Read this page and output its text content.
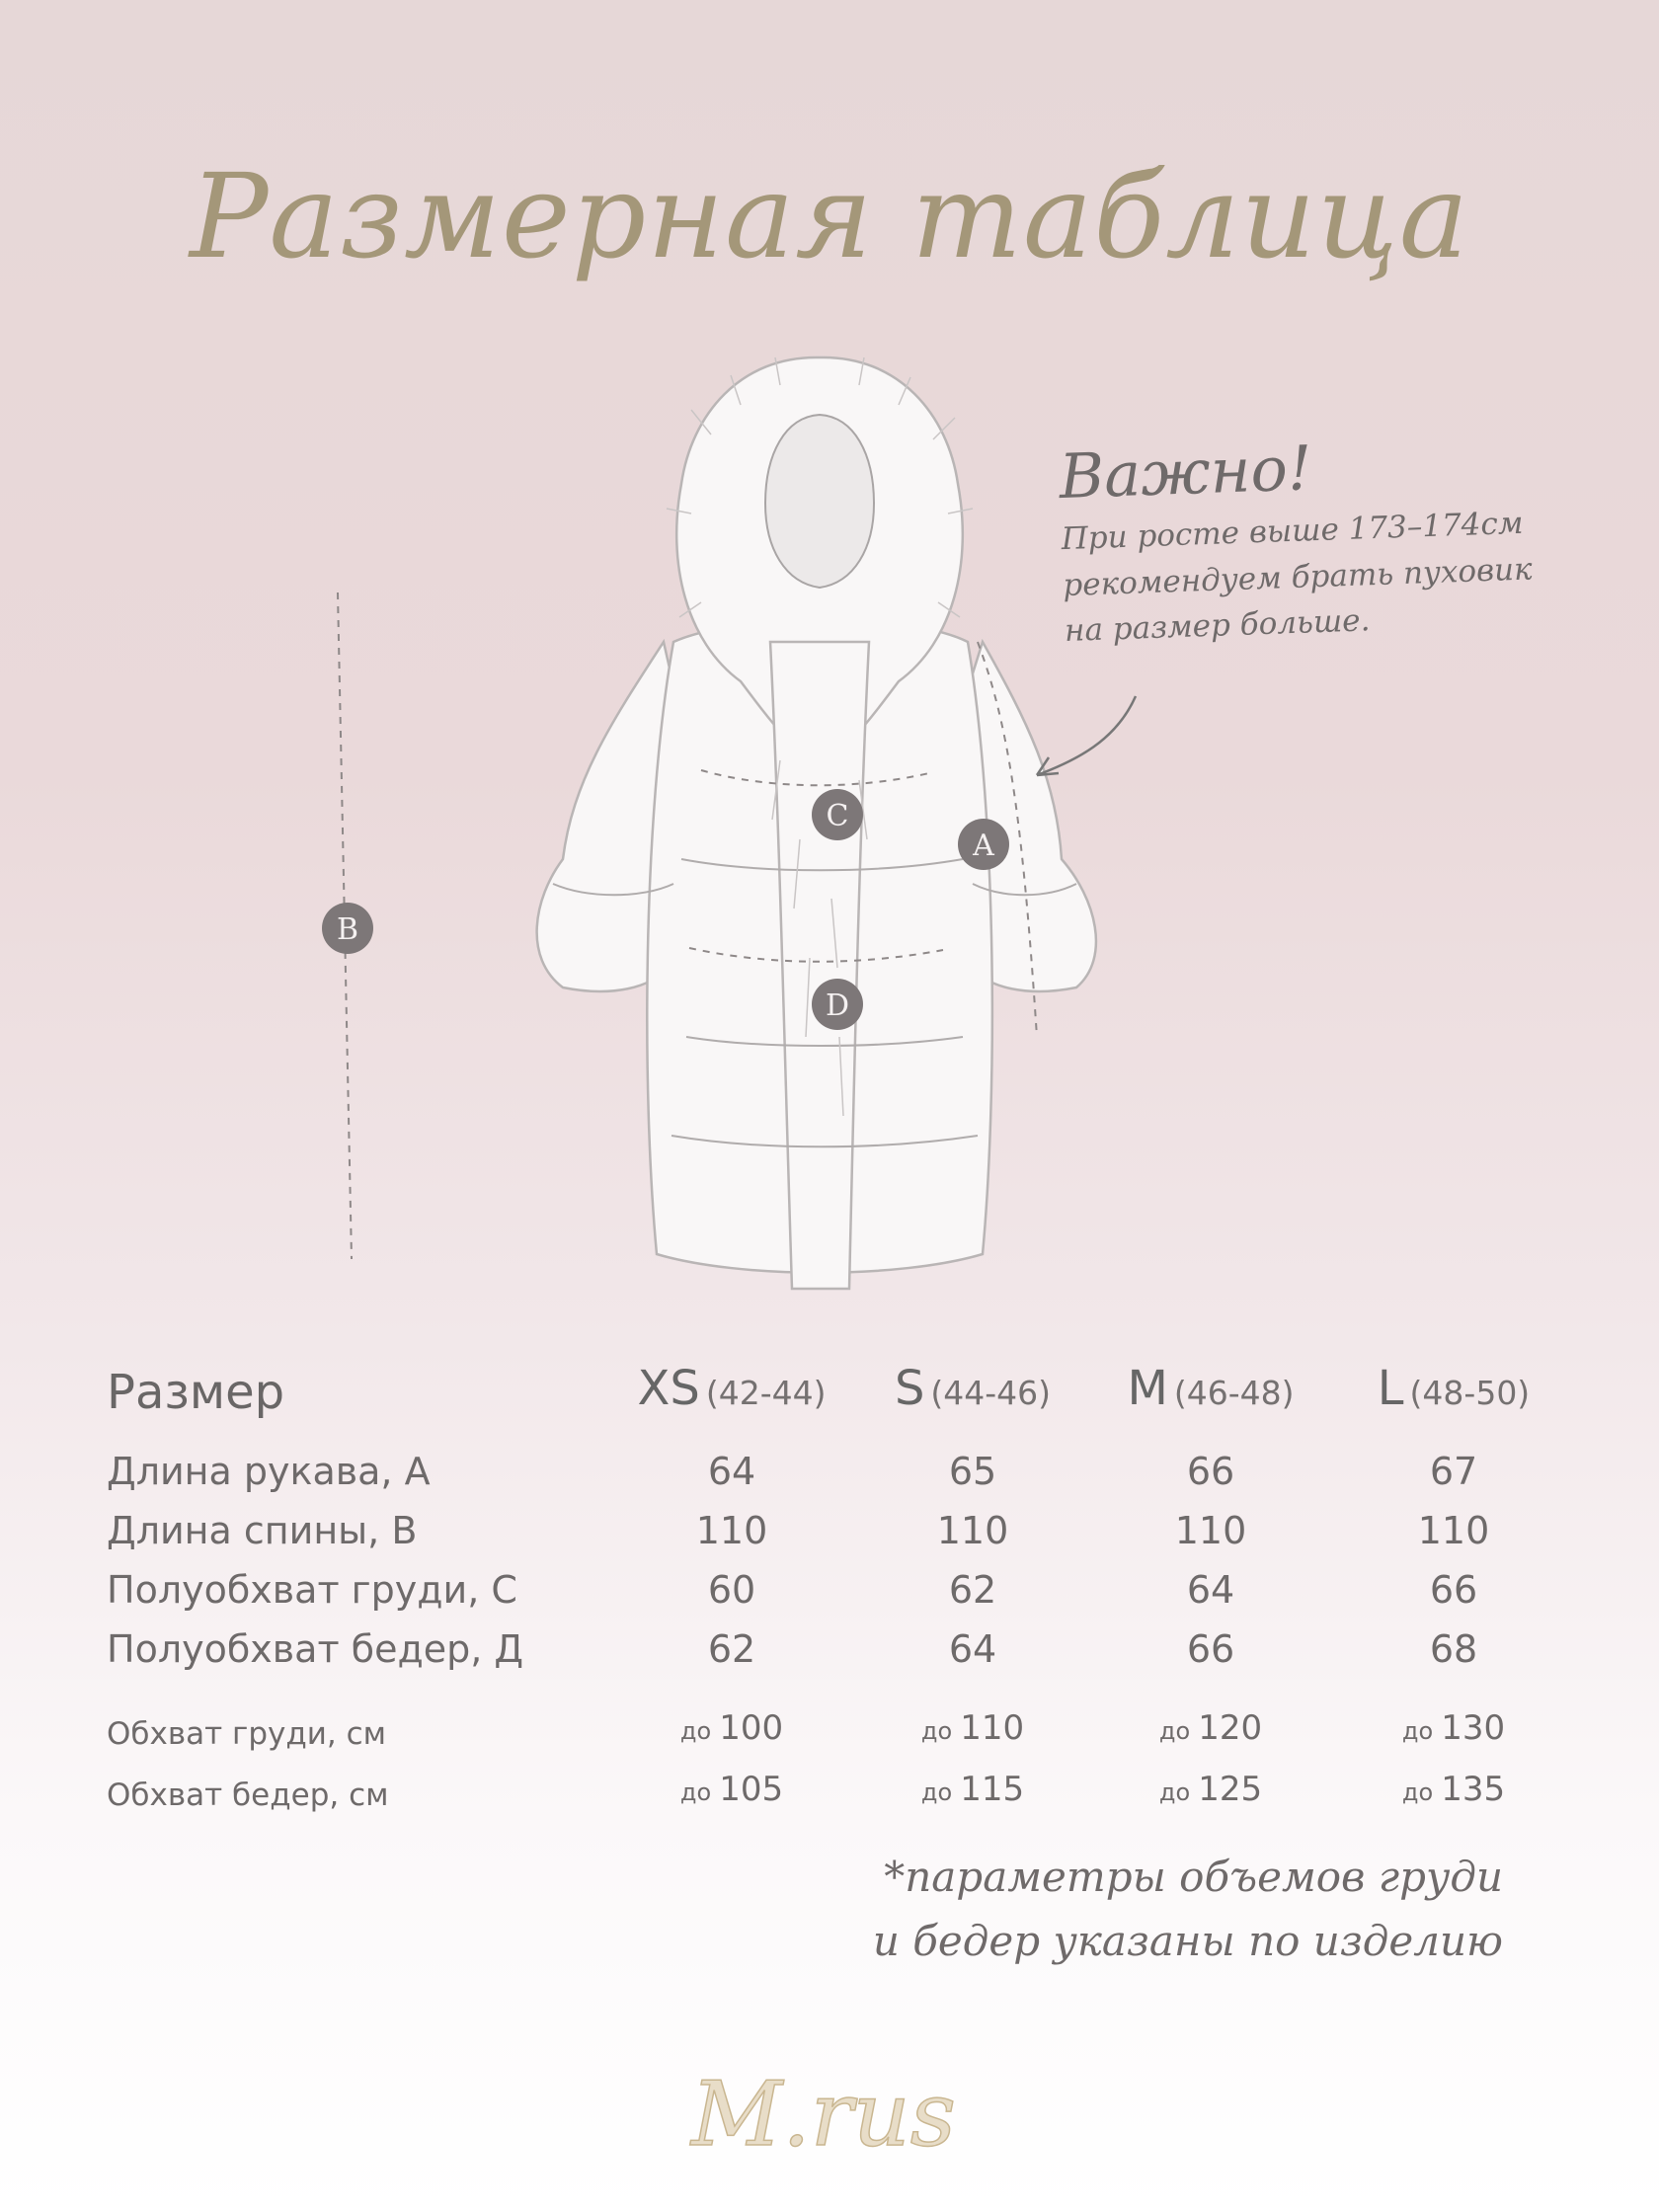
Размерная таблица
B
C
A
D
Важно!
При росте выше 173–174см рекомендуем брать пуховик на размер больше.
Размер	XS (42-44)	S (44-46)	M (46-48)	L (48-50)
Длина рукава, А	64	65	66	67
Длина спины, В	110	110	110	110
Полуобхват груди, С	60	62	64	66
Полуобхват бедер, Д	62	64	66	68
Обхват груди, см	до 100	до 110	до 120	до 130
Обхват бедер, см	до 105	до 115	до 125	до 135
*параметры объемов груди
и бедер указаны по изделию
M.rus
